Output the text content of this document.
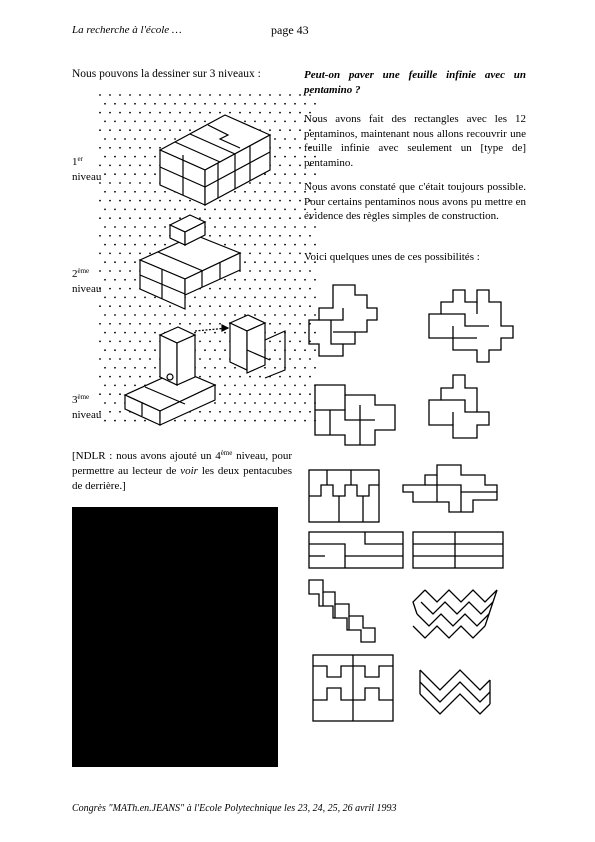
La recherche à l'école …	page 43
Nous pouvons la dessiner sur 3 niveaux :
1er
niveau
2ème
niveau
3ème
niveau
[NDLR : nous avons ajouté un 4ème niveau, pour permettre au lecteur de voir les deux pentacubes de derrière.]
Peut-on paver une feuille infinie avec un pentamino ?
Nous avons fait des rectangles avec les 12 pentaminos, maintenant nous allons recouvrir une feuille infinie avec seulement un [type de] pentamino.
Nous avons constaté que c'était toujours possible. Pour certains pentaminos nous avons pu mettre en évidence des règles simples de construction.
Voici quelques unes de ces possibilités :
Congrès "MATh.en.JEANS" à l'Ecole Polytechnique les 23, 24, 25, 26 avril 1993
